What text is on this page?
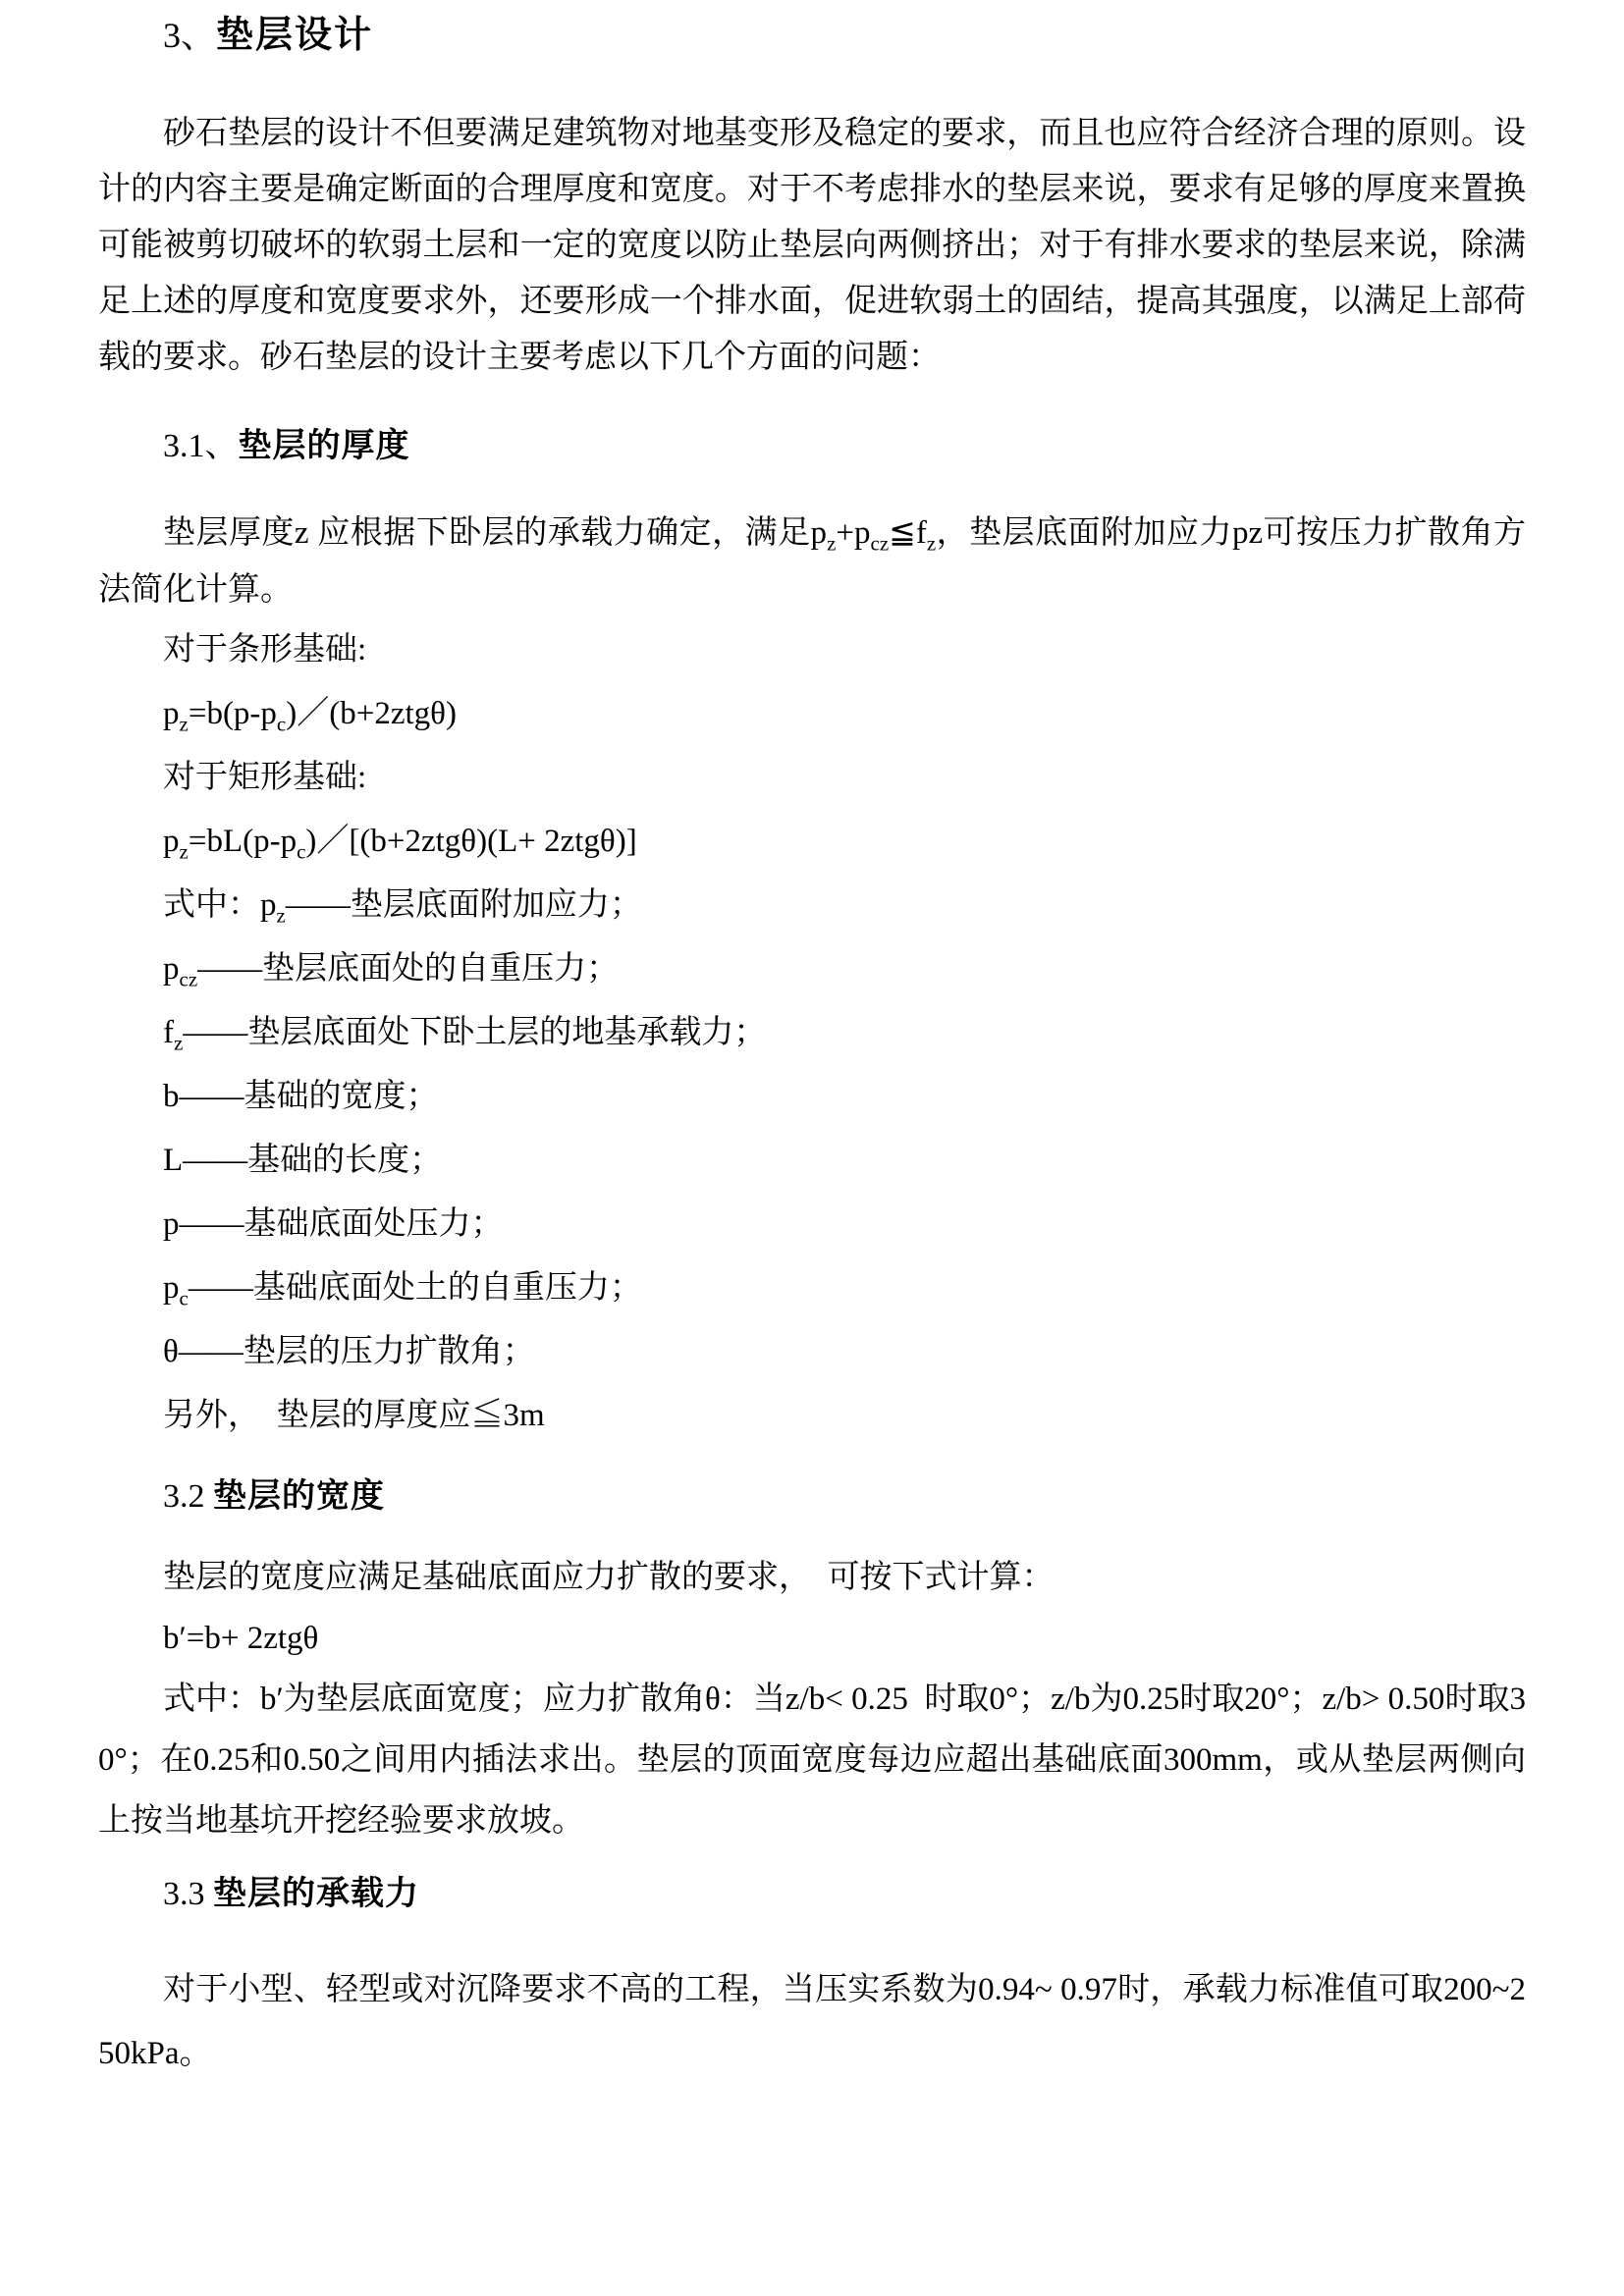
3、垫层设计

砂石垫层的设计不但要满足建筑物对地基变形及稳定的要求，而且也应符合经济合理的原则。设计的内容主要是确定断面的合理厚度和宽度。对于不考虑排水的垫层来说，要求有足够的厚度来置换可能被剪切破坏的软弱土层和一定的宽度以防止垫层向两侧挤出；对于有排水要求的垫层来说，除满足上述的厚度和宽度要求外，还要形成一个排水面，促进软弱土的固结，提高其强度，以满足上部荷载的要求。砂石垫层的设计主要考虑以下几个方面的问题：

3.1、垫层的厚度

垫层厚度z 应根据下卧层的承载力确定，满足$p_z+p_{cz}≦f_z$，垫层底面附加应力pz可按压力扩散角方法简化计算。

对于条形基础:
$p_z=b(p-p_c)/(b+2ztg\theta)$
对于矩形基础:
$p_z=bL(p-p_c)/[(b+2ztg\theta)(L+ 2ztg\theta)]$
式中：$p_z——$垫层底面附加应力；
$p_{cz}——$垫层底面处的自重压力；
$f_z——$垫层底面处下卧土层的地基承载力；
b——基础的宽度；
L——基础的长度；
p——基础底面处压力；
$p_c——$基础底面处土的自重压力；
θ——垫层的压力扩散角；
另外，  垫层的厚度应≦3m
3.2 垫层的宽度

垫层的宽度应满足基础底面应力扩散的要求，  可按下式计算：

b′=b+ 2ztgθ

式中：b′为垫层底面宽度；应力扩散角θ：当z/b< 0.25  时取0°；z/b为0.25时取20°；z/b> 0.50时取30°；在0.25和0.50之间用内插法求出。垫层的顶面宽度每边应超出基础底面300mm，或从垫层两侧向上按当地基坑开挖经验要求放坡。

3.3 垫层的承载力

对于小型、轻型或对沉降要求不高的工程，当压实系数为0.94~ 0.97时，承载力标准值可取200~250kPa。
